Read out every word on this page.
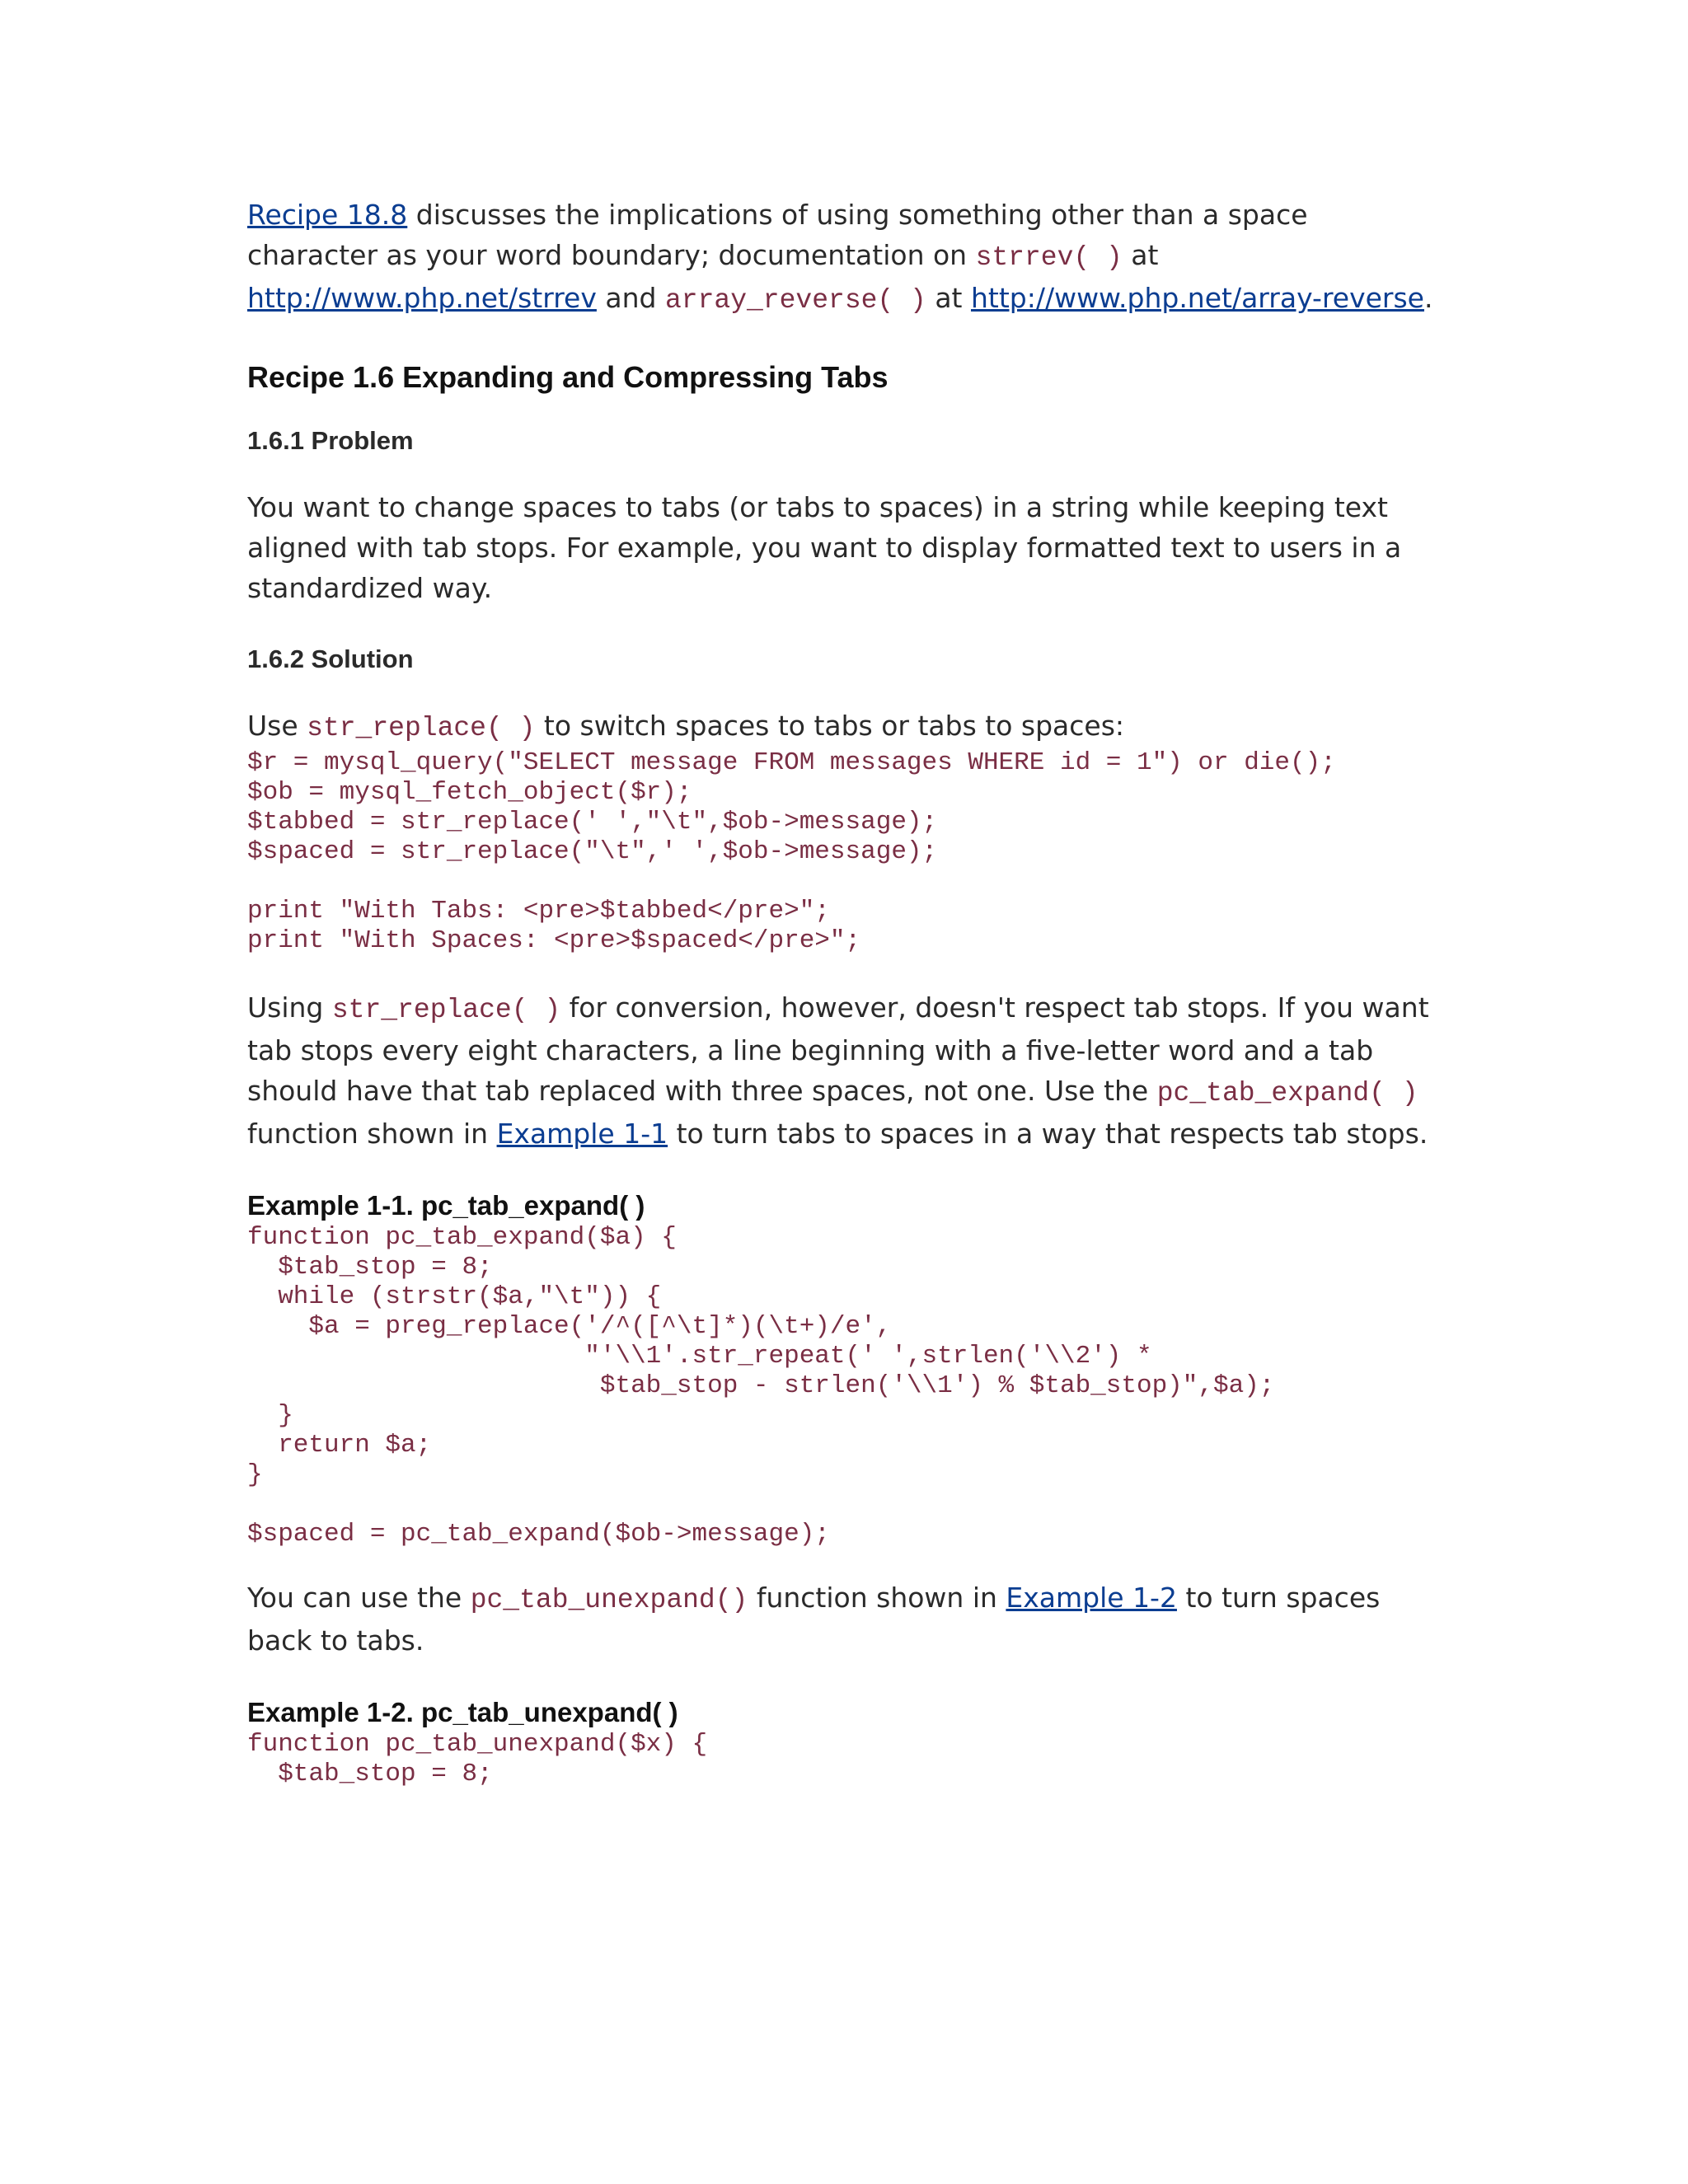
Recipe 18.8 discusses the implications of using something other than a space character as your word boundary; documentation on strrev( ) at http://www.php.net/strrev and array_reverse( ) at http://www.php.net/array-reverse.

Recipe 1.6 Expanding and Compressing Tabs
1.6.1 Problem

You want to change spaces to tabs (or tabs to spaces) in a string while keeping text aligned with tab stops. For example, you want to display formatted text to users in a standardized way.

1.6.2 Solution

Use str_replace( ) to switch spaces to tabs or tabs to spaces:

$r = mysql_query("SELECT message FROM messages WHERE id = 1") or die();
$ob = mysql_fetch_object($r);
$tabbed = str_replace(' ',"\t",$ob->message);
$spaced = str_replace("\t",' ',$ob->message);

print "With Tabs: <pre>$tabbed</pre>";
print "With Spaces: <pre>$spaced</pre>";

Using str_replace( ) for conversion, however, doesn't respect tab stops. If you want tab stops every eight characters, a line beginning with a five-letter word and a tab should have that tab replaced with three spaces, not one. Use the pc_tab_expand( ) function shown in Example 1-1 to turn tabs to spaces in a way that respects tab stops.

Example 1-1. pc_tab_expand( )
function pc_tab_expand($a) {
$tab_stop = 8;
while (strstr($a,"\t")) {
$a = preg_replace('/^([^\t]*)(\t+)/e',
"'\\1'.str_repeat(' ',strlen('\\2') *
$tab_stop - strlen('\\1') % $tab_stop)",$a);
}
return $a;
}

$spaced = pc_tab_expand($ob->message);

You can use the pc_tab_unexpand() function shown in Example 1-2 to turn spaces back to tabs.

Example 1-2. pc_tab_unexpand( )
function pc_tab_unexpand($x) {
$tab_stop = 8;
